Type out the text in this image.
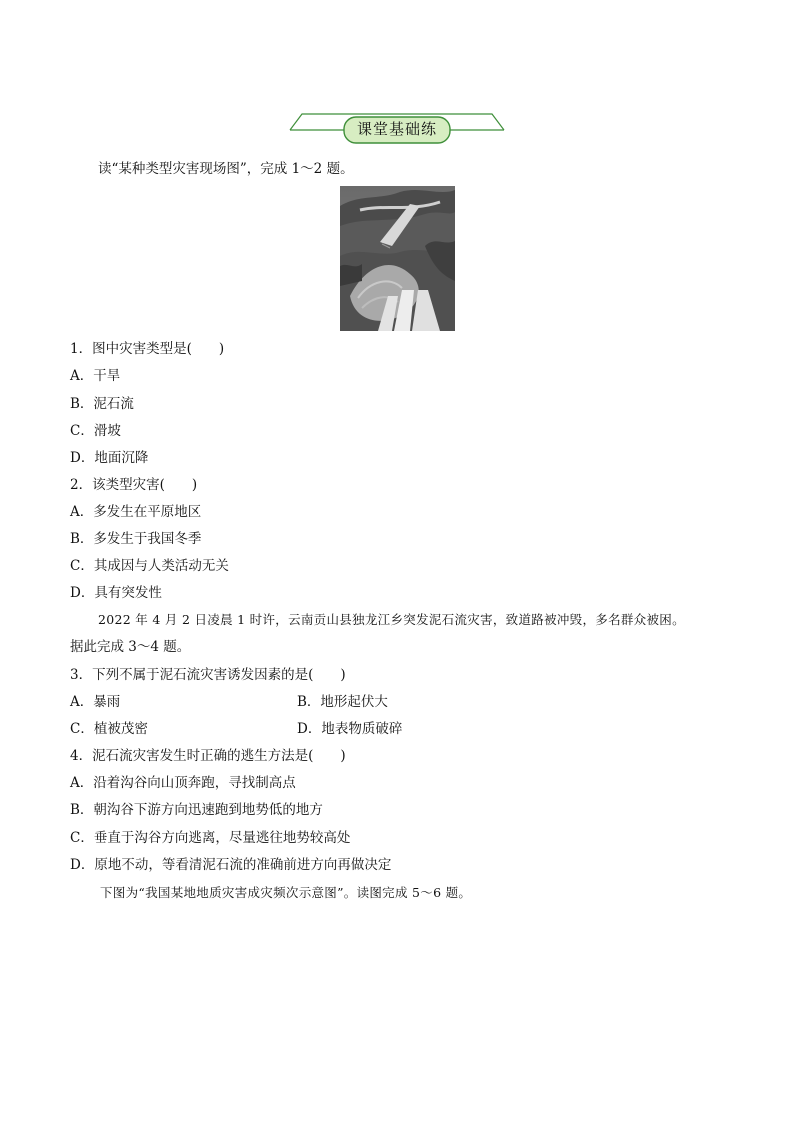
课堂基础练
读“某种类型灾害现场图”，完成 1～2 题。
1．图中灾害类型是(　　)
A．干旱
B．泥石流
C．滑坡
D．地面沉降
2．该类型灾害(　　)
A．多发生在平原地区
B．多发生于我国冬季
C．其成因与人类活动无关
D．具有突发性
2022 年 4 月 2 日凌晨 1 时许，云南贡山县独龙江乡突发泥石流灾害，致道路被冲毁，多名群众被困。
据此完成 3～4 题。
3．下列不属于泥石流灾害诱发因素的是(　　)
A．暴雨	B．地形起伏大
C．植被茂密	D．地表物质破碎
4．泥石流灾害发生时正确的逃生方法是(　　)
A．沿着沟谷向山顶奔跑，寻找制高点
B．朝沟谷下游方向迅速跑到地势低的地方
C．垂直于沟谷方向逃离，尽量逃往地势较高处
D．原地不动，等看清泥石流的准确前进方向再做决定
下图为“我国某地地质灾害成灾频次示意图”。读图完成 5～6 题。
